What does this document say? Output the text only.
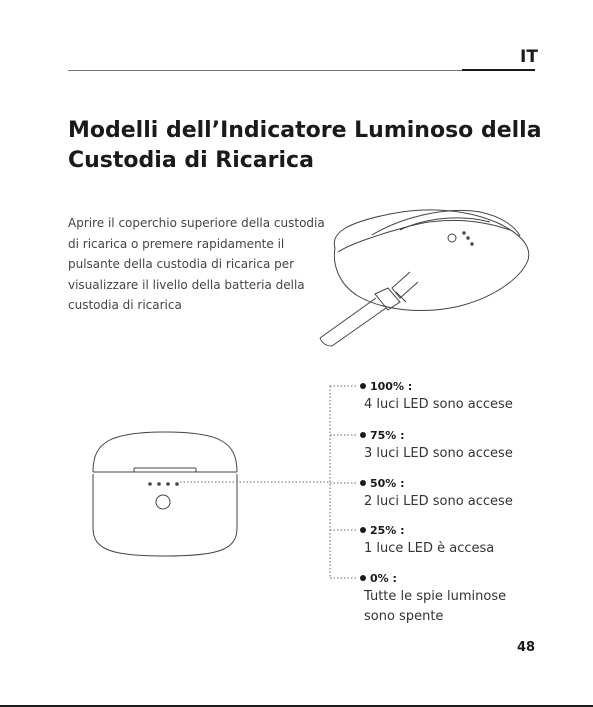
IT
Modelli dell’Indicatore Luminoso della Custodia di Ricarica

Aprire il coperchio superiore della custodia di ricarica o premere rapidamente il pulsante della custodia di ricarica per visualizzare il livello della batteria della custodia di ricarica

100% :
4 luci LED sono accese
75% :
3 luci LED sono accese
50% :
2 luci LED sono accese
25% :
1 luce LED è accesa
0% :
Tutte le spie luminose sono spente
48
